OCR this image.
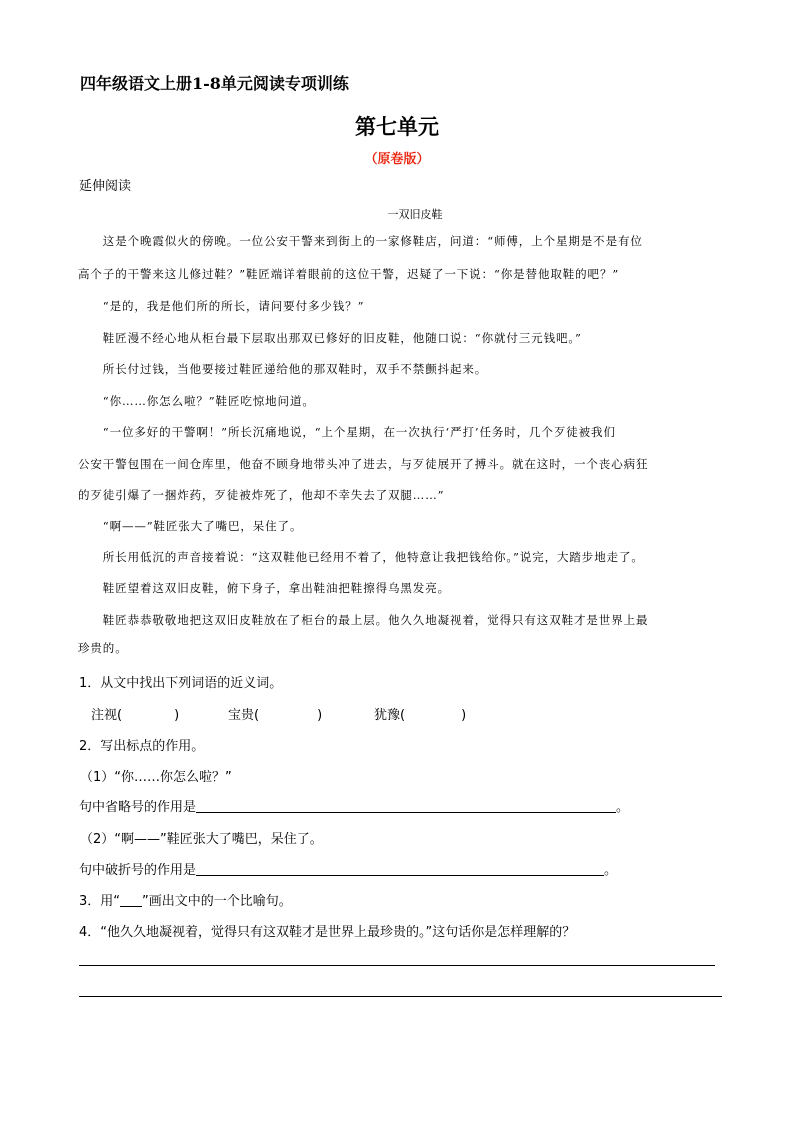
四年级语文上册1-8单元阅读专项训练
第七单元
（原卷版）
延伸阅读
一双旧皮鞋
　　这是个晚霞似火的傍晚。一位公安干警来到街上的一家修鞋店，问道：“师傅，上个星期是不是有位
高个子的干警来这儿修过鞋？”鞋匠端详着眼前的这位干警，迟疑了一下说：“你是替他取鞋的吧？”
　　“是的，我是他们所的所长，请问要付多少钱？”
　　鞋匠漫不经心地从柜台最下层取出那双已修好的旧皮鞋，他随口说：“你就付三元钱吧。”
　　所长付过钱，当他要接过鞋匠递给他的那双鞋时，双手不禁颤抖起来。
　　“你……你怎么啦？”鞋匠吃惊地问道。
　　“一位多好的干警啊！”所长沉痛地说，“上个星期，在一次执行‘严打’任务时，几个歹徒被我们
公安干警包围在一间仓库里，他奋不顾身地带头冲了进去，与歹徒展开了搏斗。就在这时，一个丧心病狂
的歹徒引爆了一捆炸药，歹徒被炸死了，他却不幸失去了双腿……”
　　“啊——”鞋匠张大了嘴巴，呆住了。
　　所长用低沉的声音接着说：“这双鞋他已经用不着了，他特意让我把钱给你。”说完，大踏步地走了。
　　鞋匠望着这双旧皮鞋，俯下身子，拿出鞋油把鞋擦得乌黑发亮。
　　鞋匠恭恭敬敬地把这双旧皮鞋放在了柜台的最上层。他久久地凝视着，觉得只有这双鞋才是世界上最
珍贵的。
1．从文中找出下列词语的近义词。
注视(	)	宝贵(	)	犹豫(	)
2．写出标点的作用。
（1）“你……你怎么啦？”
句中省略号的作用是	。
（2）“啊——”鞋匠张大了嘴巴，呆住了。
句中破折号的作用是	。
3．用“ ”画出文中的一个比喻句。
4．“他久久地凝视着，觉得只有这双鞋才是世界上最珍贵的。”这句话你是怎样理解的？
